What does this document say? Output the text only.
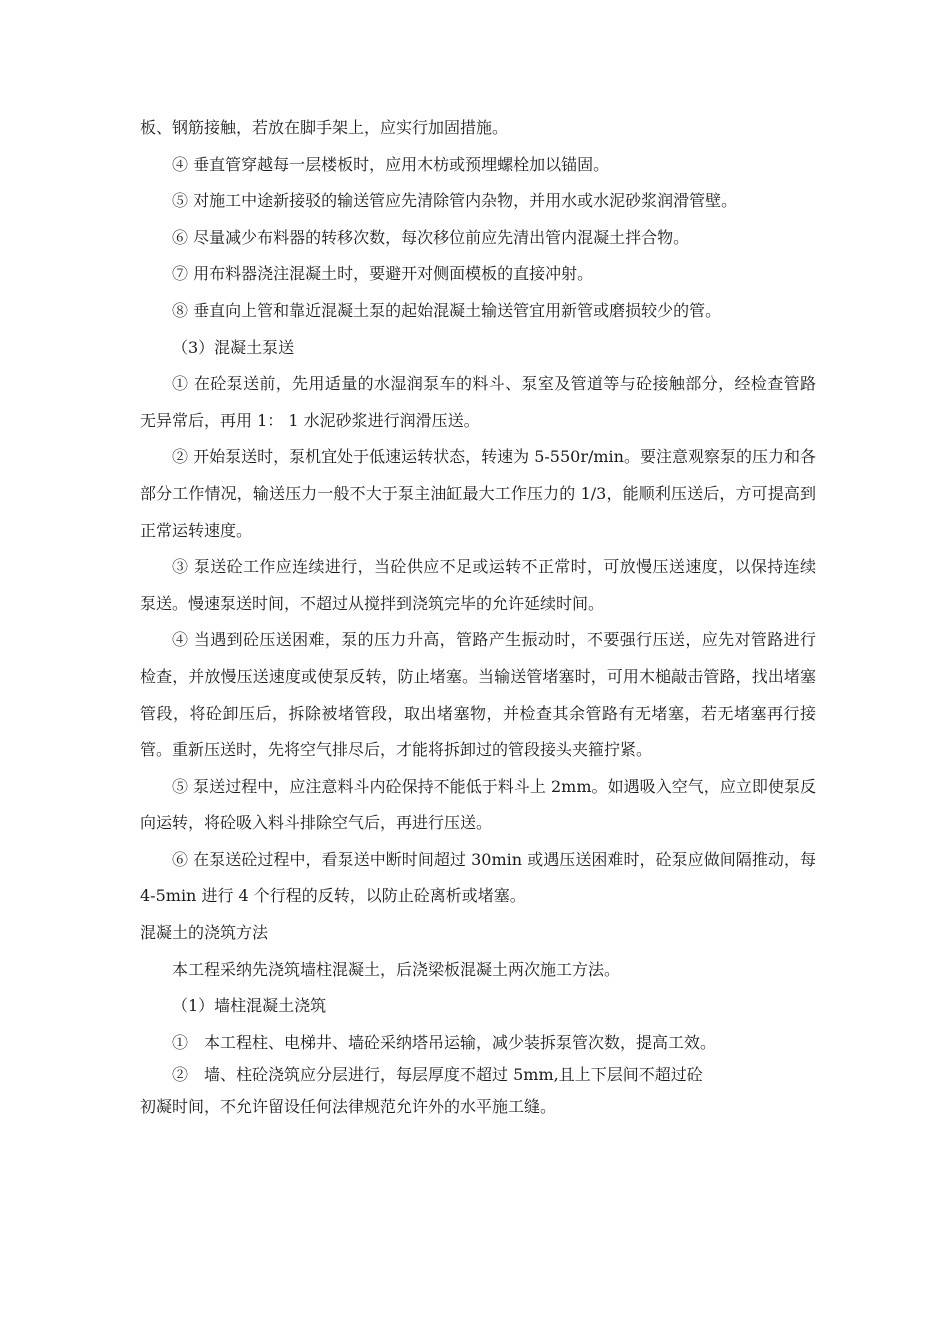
板、钢筋接触，若放在脚手架上，应实行加固措施。

④ 垂直管穿越每一层楼板时，应用木枋或预埋螺栓加以锚固。

⑤ 对施工中途新接驳的输送管应先清除管内杂物，并用水或水泥砂浆润滑管壁。

⑥ 尽量减少布料器的转移次数，每次移位前应先清出管内混凝土拌合物。

⑦ 用布料器浇注混凝土时，要避开对侧面模板的直接冲射。

⑧ 垂直向上管和靠近混凝土泵的起始混凝土输送管宜用新管或磨损较少的管。

（3）混凝土泵送

① 在砼泵送前，先用适量的水湿润泵车的料斗、泵室及管道等与砼接触部分，经检查管路无异常后，再用 1： 1 水泥砂浆进行润滑压送。

② 开始泵送时，泵机宜处于低速运转状态，转速为 5-550r/min。要注意观察泵的压力和各部分工作情况，输送压力一般不大于泵主油缸最大工作压力的 1/3，能顺利压送后，方可提高到正常运转速度。

③ 泵送砼工作应连续进行，当砼供应不足或运转不正常时，可放慢压送速度，以保持连续泵送。慢速泵送时间，不超过从搅拌到浇筑完毕的允许延续时间。

④ 当遇到砼压送困难，泵的压力升高，管路产生振动时，不要强行压送，应先对管路进行检查，并放慢压送速度或使泵反转，防止堵塞。当输送管堵塞时，可用木槌敲击管路，找出堵塞管段，将砼卸压后，拆除被堵管段，取出堵塞物，并检查其余管路有无堵塞，若无堵塞再行接管。重新压送时，先将空气排尽后，才能将拆卸过的管段接头夹箍拧紧。

⑤ 泵送过程中，应注意料斗内砼保持不能低于料斗上 2mm。如遇吸入空气，应立即使泵反向运转，将砼吸入料斗排除空气后，再进行压送。

⑥ 在泵送砼过程中，看泵送中断时间超过 30min 或遇压送困难时，砼泵应做间隔推动，每 4-5min 进行 4 个行程的反转，以防止砼离析或堵塞。

混凝土的浇筑方法

本工程采纳先浇筑墙柱混凝土，后浇梁板混凝土两次施工方法。

（1）墙柱混凝土浇筑

①　本工程柱、电梯井、墙砼采纳塔吊运输，减少装拆泵管次数，提高工效。

②　墙、柱砼浇筑应分层进行，每层厚度不超过 5mm,且上下层间不超过砼

初凝时间，不允许留设任何法律规范允许外的水平施工缝。
